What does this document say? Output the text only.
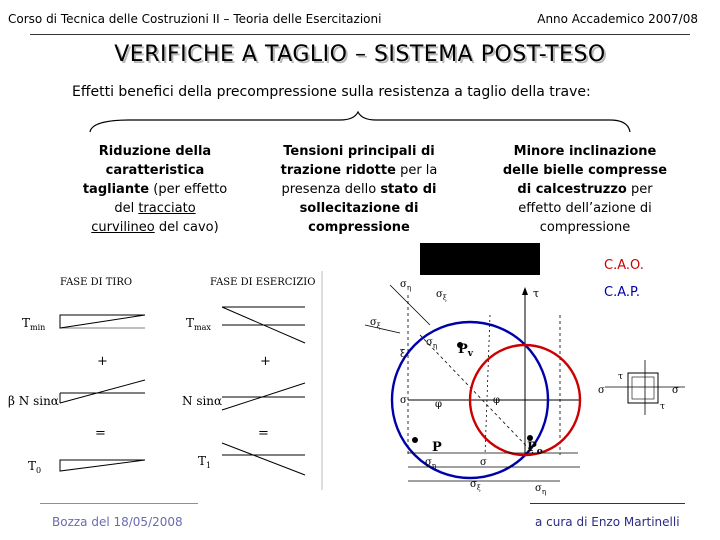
Corso di Tecnica delle Costruzioni II – Teoria delle Esercitazioni	Anno Accademico 2007/08
VERIFICHE A TAGLIO – SISTEMA POST-TESO
Effetti benefici della precompressione sulla resistenza a taglio della trave:
Riduzione della
caratteristica
tagliante (per effetto
del tracciato
curvilineo del cavo)
Tensioni principali di
trazione ridotte per la
presenza dello stato di
sollecitazione di
compressione
Minore inclinazione
delle bielle compresse
di calcestruzzo per
effetto dell’azione di
compressione
C.A.O.
C.A.P.
FASE DI TIRO	FASE DI ESERCIZIO
$T_{min}$	$T_{max}$
+	+
β N sinα	N sinα
=	=
$T_0$
$T_1$
P
$P_v$
$P_o$
$\sigma_\eta$
$\sigma_\xi$
$\sigma_\xi$
$\sigma_\eta$
ξ
σ	φ	φ
τ
σ
$\sigma_\eta$
$\sigma_\eta$
$\sigma_\xi$
σ	σ
τ
τ
Bozza del 18/05/2008	a cura di Enzo Martinelli
